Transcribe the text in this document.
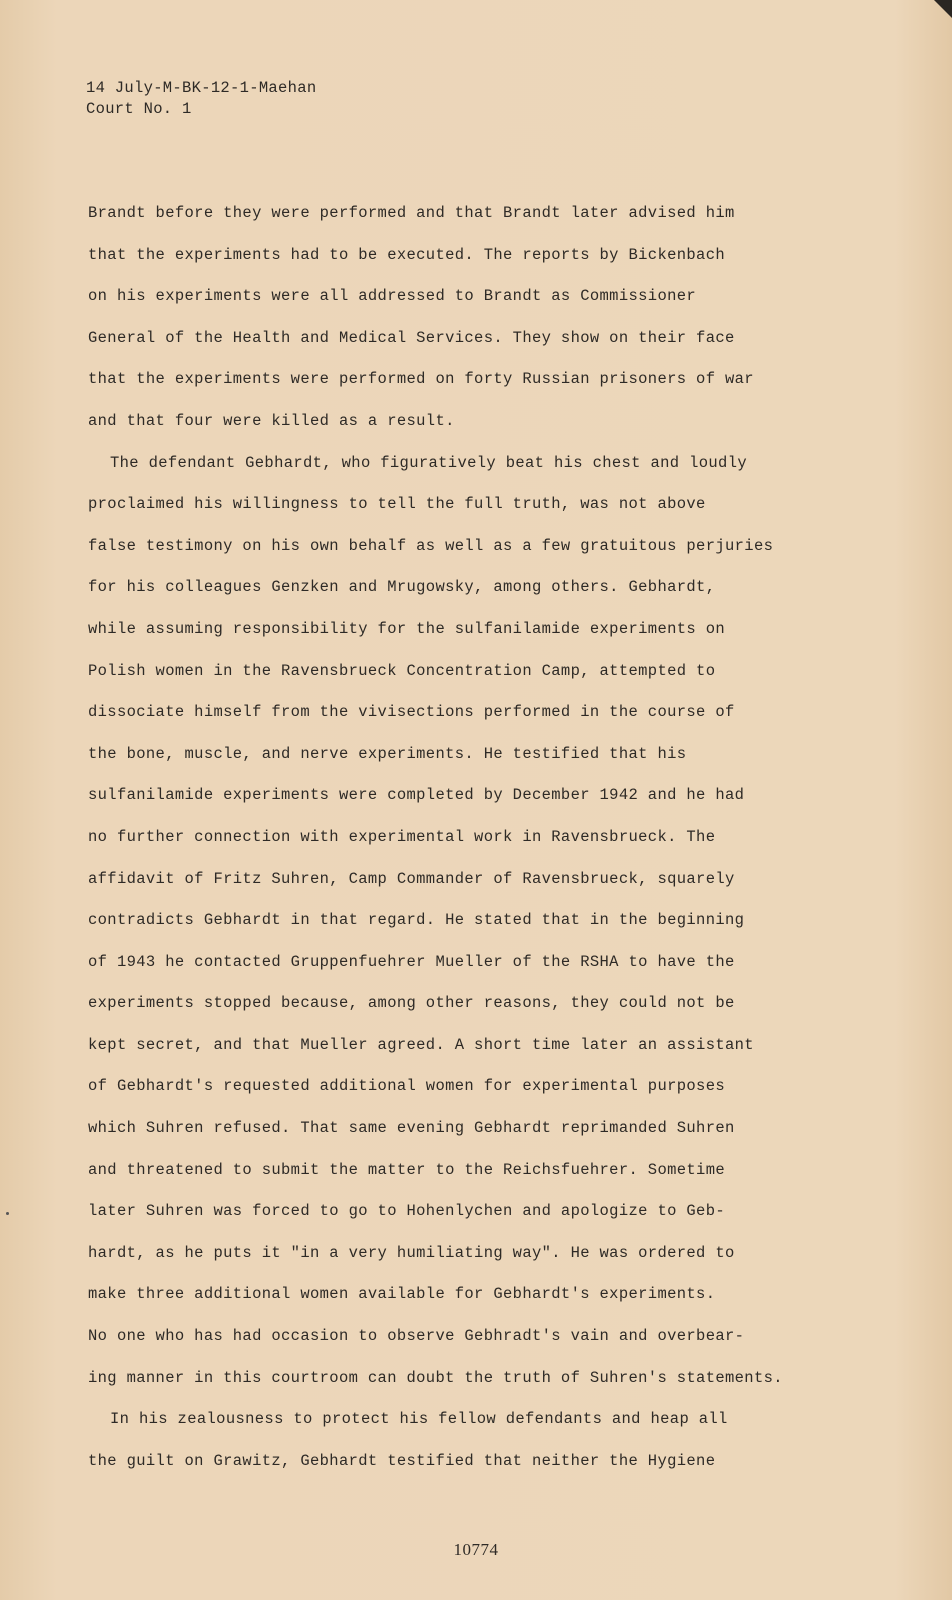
14 July-M-BK-12-1-Maehan
Court No. 1
Brandt before they were performed and that Brandt later advised him
that the experiments had to be executed. The reports by Bickenbach
on his experiments were all addressed to Brandt as Commissioner
General of the Health and Medical Services. They show on their face
that the experiments were performed on forty Russian prisoners of war
and that four were killed as a result.
The defendant Gebhardt, who figuratively beat his chest and loudly
proclaimed his willingness to tell the full truth, was not above
false testimony on his own behalf as well as a few gratuitous perjuries
for his colleagues Genzken and Mrugowsky, among others. Gebhardt,
while assuming responsibility for the sulfanilamide experiments on
Polish women in the Ravensbrueck Concentration Camp, attempted to
dissociate himself from the vivisections performed in the course of
the bone, muscle, and nerve experiments. He testified that his
sulfanilamide experiments were completed by December 1942 and he had
no further connection with experimental work in Ravensbrueck. The
affidavit of Fritz Suhren, Camp Commander of Ravensbrueck, squarely
contradicts Gebhardt in that regard. He stated that in the beginning
of 1943 he contacted Gruppenfuehrer Mueller of the RSHA to have the
experiments stopped because, among other reasons, they could not be
kept secret, and that Mueller agreed. A short time later an assistant
of Gebhardt's requested additional women for experimental purposes
which Suhren refused. That same evening Gebhardt reprimanded Suhren
and threatened to submit the matter to the Reichsfuehrer. Sometime
later Suhren was forced to go to Hohenlychen and apologize to Geb-
hardt, as he puts it "in a very humiliating way". He was ordered to
make three additional women available for Gebhardt's experiments.
No one who has had occasion to observe Gebhradt's vain and overbear-
ing manner in this courtroom can doubt the truth of Suhren's statements.
In his zealousness to protect his fellow defendants and heap all
the guilt on Grawitz, Gebhardt testified that neither the Hygiene
10774
